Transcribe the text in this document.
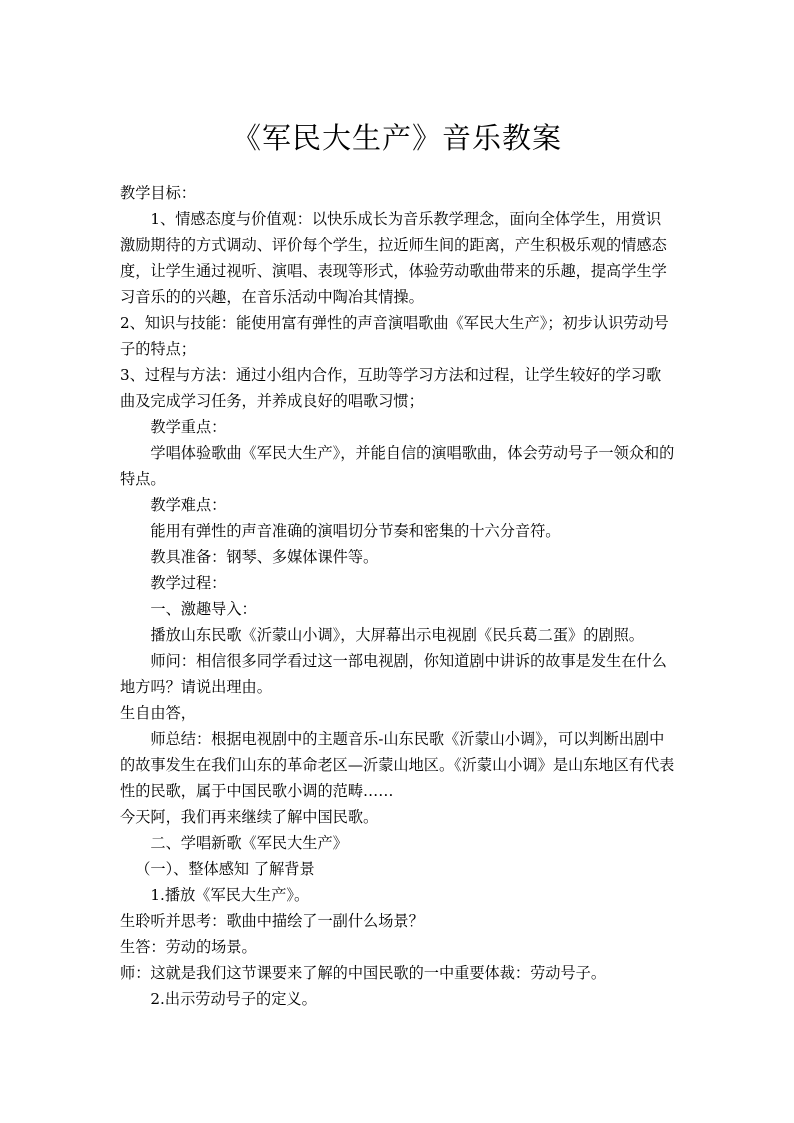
《军民大生产》音乐教案

教学目标：

1、情感态度与价值观：以快乐成长为音乐教学理念，面向全体学生，用赏识激励期待的方式调动、评价每个学生，拉近师生间的距离，产生积极乐观的情感态度，让学生通过视听、演唱、表现等形式，体验劳动歌曲带来的乐趣，提高学生学习音乐的的兴趣，在音乐活动中陶冶其情操。

2、知识与技能：能使用富有弹性的声音演唱歌曲《军民大生产》；初步认识劳动号子的特点；

3、过程与方法：通过小组内合作，互助等学习方法和过程，让学生较好的学习歌曲及完成学习任务，并养成良好的唱歌习惯；

教学重点：

学唱体验歌曲《军民大生产》，并能自信的演唱歌曲，体会劳动号子一领众和的特点。

教学难点：

能用有弹性的声音准确的演唱切分节奏和密集的十六分音符。

教具准备：钢琴、多媒体课件等。

教学过程：

一、激趣导入：

播放山东民歌《沂蒙山小调》，大屏幕出示电视剧《民兵葛二蛋》的剧照。

师问：相信很多同学看过这一部电视剧，你知道剧中讲诉的故事是发生在什么地方吗？请说出理由。

生自由答，

师总结：根据电视剧中的主题音乐-山东民歌《沂蒙山小调》，可以判断出剧中的故事发生在我们山东的革命老区—沂蒙山地区。《沂蒙山小调》是山东地区有代表性的民歌，属于中国民歌小调的范畴……

今天阿，我们再来继续了解中国民歌。

二、学唱新歌《军民大生产》

（一）、整体感知 了解背景

1.播放《军民大生产》。

生聆听并思考：歌曲中描绘了一副什么场景？

生答：劳动的场景。

师：这就是我们这节课要来了解的中国民歌的一中重要体裁：劳动号子。

2.出示劳动号子的定义。
